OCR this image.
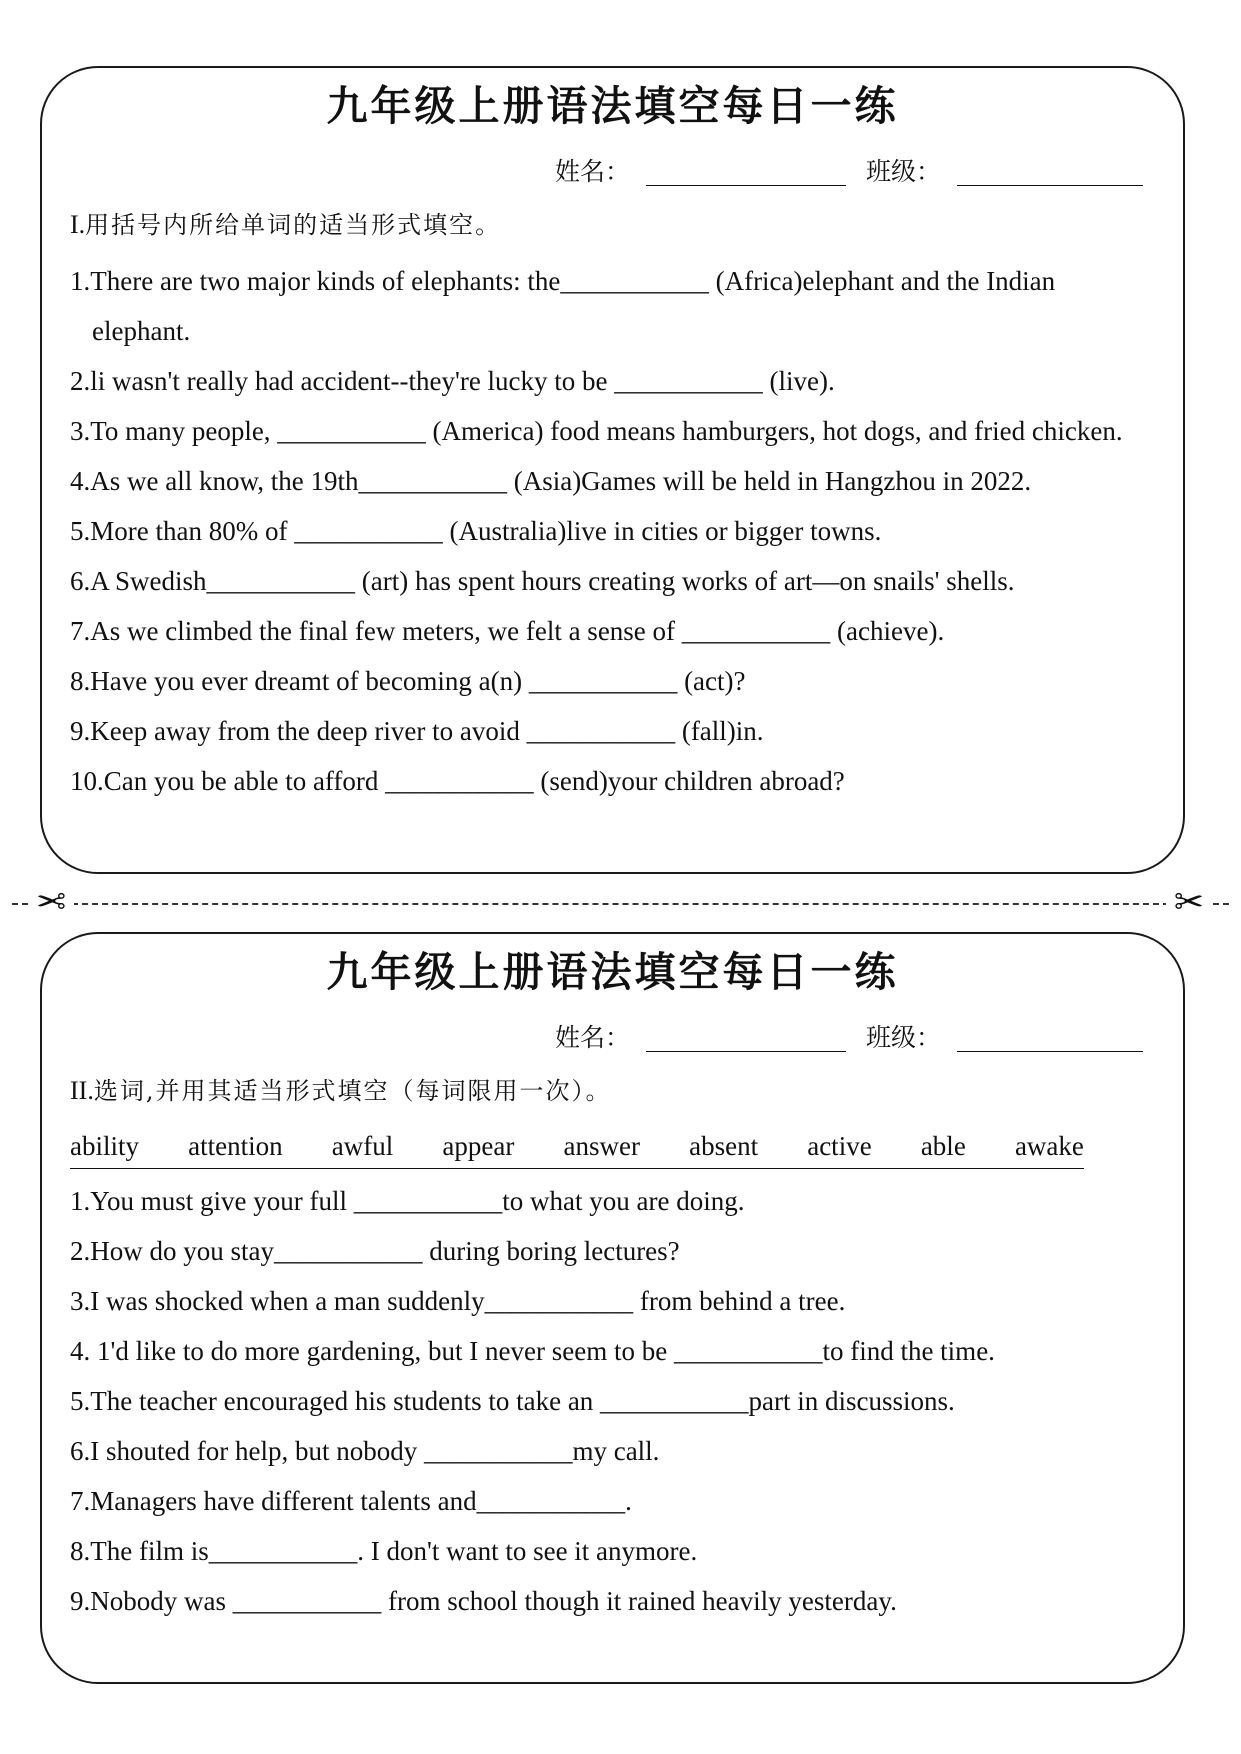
九年级上册语法填空每日一练
姓名：	班级：
I.用括号内所给单词的适当形式填空。
1.There are two major kinds of elephants: the___________ (Africa)elephant and the Indian elephant.
2.li wasn't really had accident--they're lucky to be ___________ (live).
3.To many people, ___________ (America) food means hamburgers, hot dogs, and fried chicken.
4.As we all know, the 19th___________ (Asia)Games will be held in Hangzhou in 2022.
5.More than 80% of ___________ (Australia)live in cities or bigger towns.
6.A Swedish___________ (art) has spent hours creating works of art—on snails' shells.
7.As we climbed the final few meters, we felt a sense of ___________ (achieve).
8.Have you ever dreamt of becoming a(n) ___________ (act)?
9.Keep away from the deep river to avoid ___________ (fall)in.
10.Can you be able to afford ___________ (send)your children abroad?
✂	✂
九年级上册语法填空每日一练
姓名：	班级：
II.选词,并用其适当形式填空（每词限用一次）。
ability attention awful appear answer absent active able awake
1.You must give your full ___________to what you are doing.
2.How do you stay___________ during boring lectures?
3.I was shocked when a man suddenly___________ from behind a tree.
4. 1'd like to do more gardening, but I never seem to be ___________to find the time.
5.The teacher encouraged his students to take an ___________part in discussions.
6.I shouted for help, but nobody ___________my call.
7.Managers have different talents and___________.
8.The film is___________. I don't want to see it anymore.
9.Nobody was ___________ from school though it rained heavily yesterday.
